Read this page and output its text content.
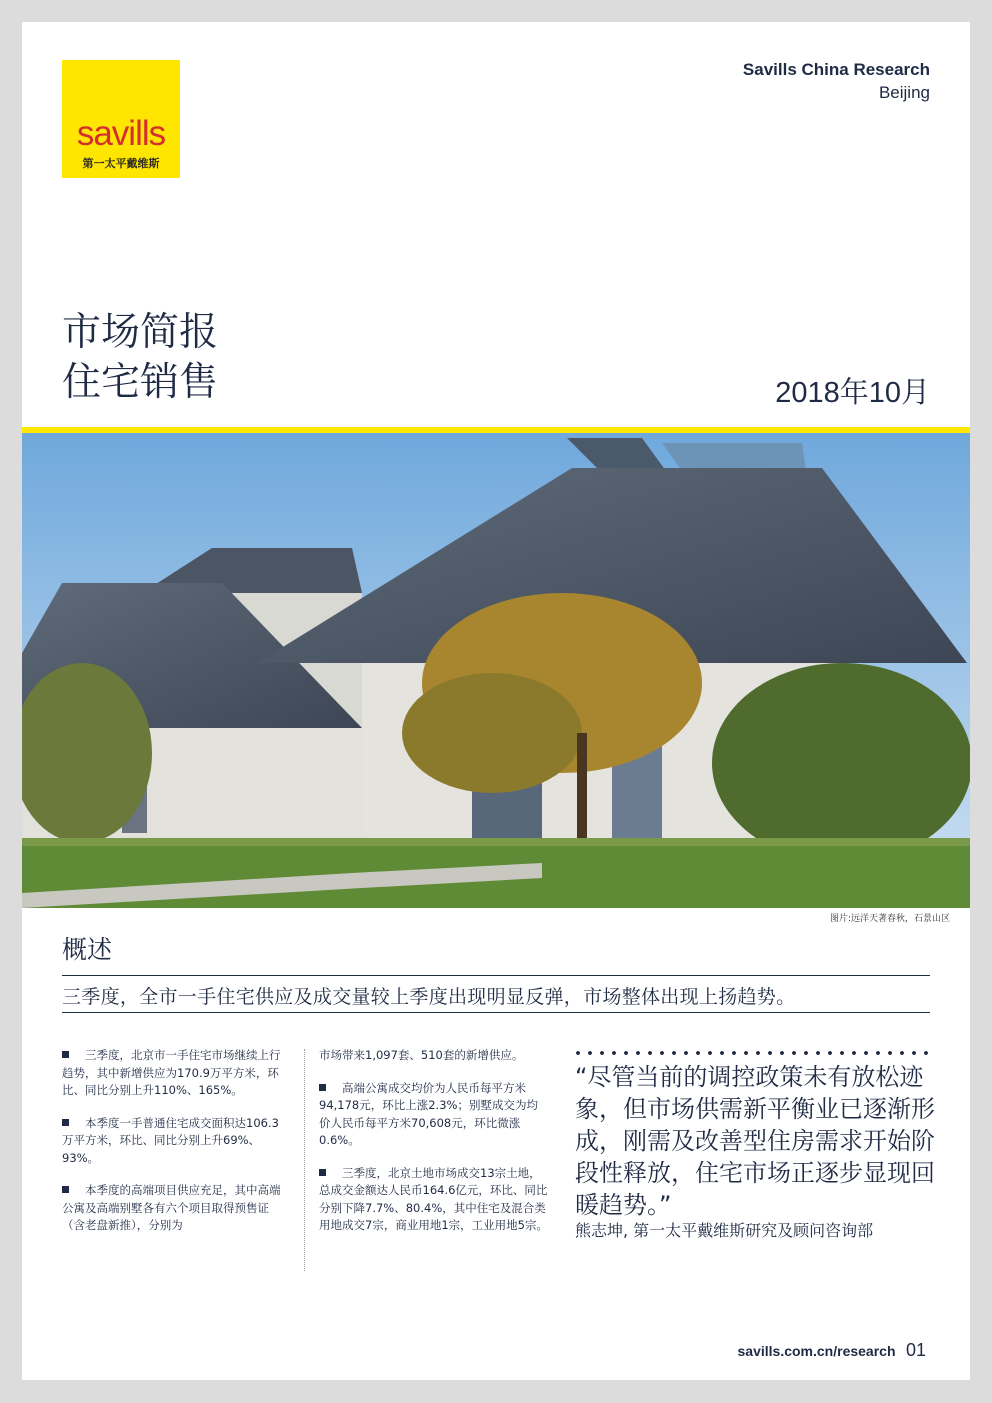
savills
第一太平戴维斯
Savills China Research
Beijing
市场简报
住宅销售	2018年10月
图片:远洋天著春秋，石景山区
概述
三季度，全市一手住宅供应及成交量较上季度出现明显反弹，市场整体出现上扬趋势。

三季度，北京市一手住宅市场继续上行趋势，其中新增供应为170.9万平方米，环比、同比分别上升110%、165%。

本季度一手普通住宅成交面积达106.3万平方米，环比、同比分别上升69%、93%。

本季度的高端项目供应充足，其中高端公寓及高端别墅各有六个项目取得预售证（含老盘新推），分别为

市场带来1,097套、510套的新增供应。

高端公寓成交均价为人民币每平方米94,178元，环比上涨2.3%；别墅成交为均价人民币每平方米70,608元，环比微涨0.6%。

三季度，北京土地市场成交13宗土地，总成交金额达人民币164.6亿元，环比、同比分别下降7.7%、80.4%，其中住宅及混合类用地成交7宗，商业用地1宗，工业用地5宗。

“尽管当前的调控政策未有放松迹象，但市场供需新平衡业已逐渐形成，刚需及改善型住房需求开始阶段性释放，住宅市场正逐步显现回暖趋势。”
熊志坤, 第一太平戴维斯研究及顾问咨询部
savills.com.cn/research 01
